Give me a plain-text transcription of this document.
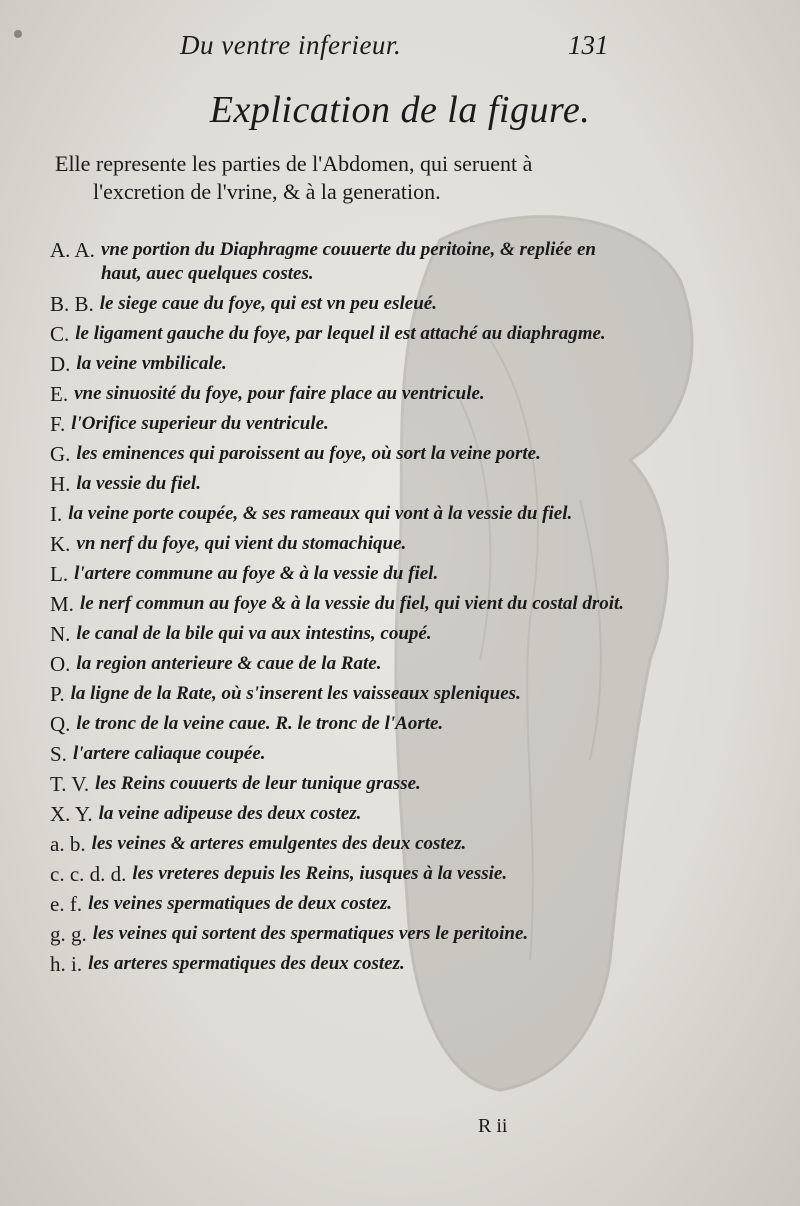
Du ventre inferieur.	131
Explication de la figure.
Elle represente les parties de l'Abdomen, qui seruent à
l'excretion de l'vrine, & à la generation.
A. A. vne portion du Diaphragme couuerte du peritoine, & repliée en haut, auec quelques costes.
B. B. le siege caue du foye, qui est vn peu esleué.
C. le ligament gauche du foye, par lequel il est attaché au diaphragme.
D. la veine vmbilicale.
E. vne sinuosité du foye, pour faire place au ventricule.
F. l'Orifice superieur du ventricule.
G. les eminences qui paroissent au foye, où sort la veine porte.
H. la vessie du fiel.
I. la veine porte coupée, & ses rameaux qui vont à la vessie du fiel.
K. vn nerf du foye, qui vient du stomachique.
L. l'artere commune au foye & à la vessie du fiel.
M. le nerf commun au foye & à la vessie du fiel, qui vient du costal droit.
N. le canal de la bile qui va aux intestins, coupé.
O. la region anterieure & caue de la Rate.
P. la ligne de la Rate, où s'inserent les vaisseaux spleniques.
Q. le tronc de la veine caue. R. le tronc de l'Aorte.
S. l'artere caliaque coupée.
T. V. les Reins couuerts de leur tunique grasse.
X. Y. la veine adipeuse des deux costez.
a. b. les veines & arteres emulgentes des deux costez.
c. c. d. d. les vreteres depuis les Reins, iusques à la vessie.
e. f. les veines spermatiques de deux costez.
g. g. les veines qui sortent des spermatiques vers le peritoine.
h. i. les arteres spermatiques des deux costez.
R ii
